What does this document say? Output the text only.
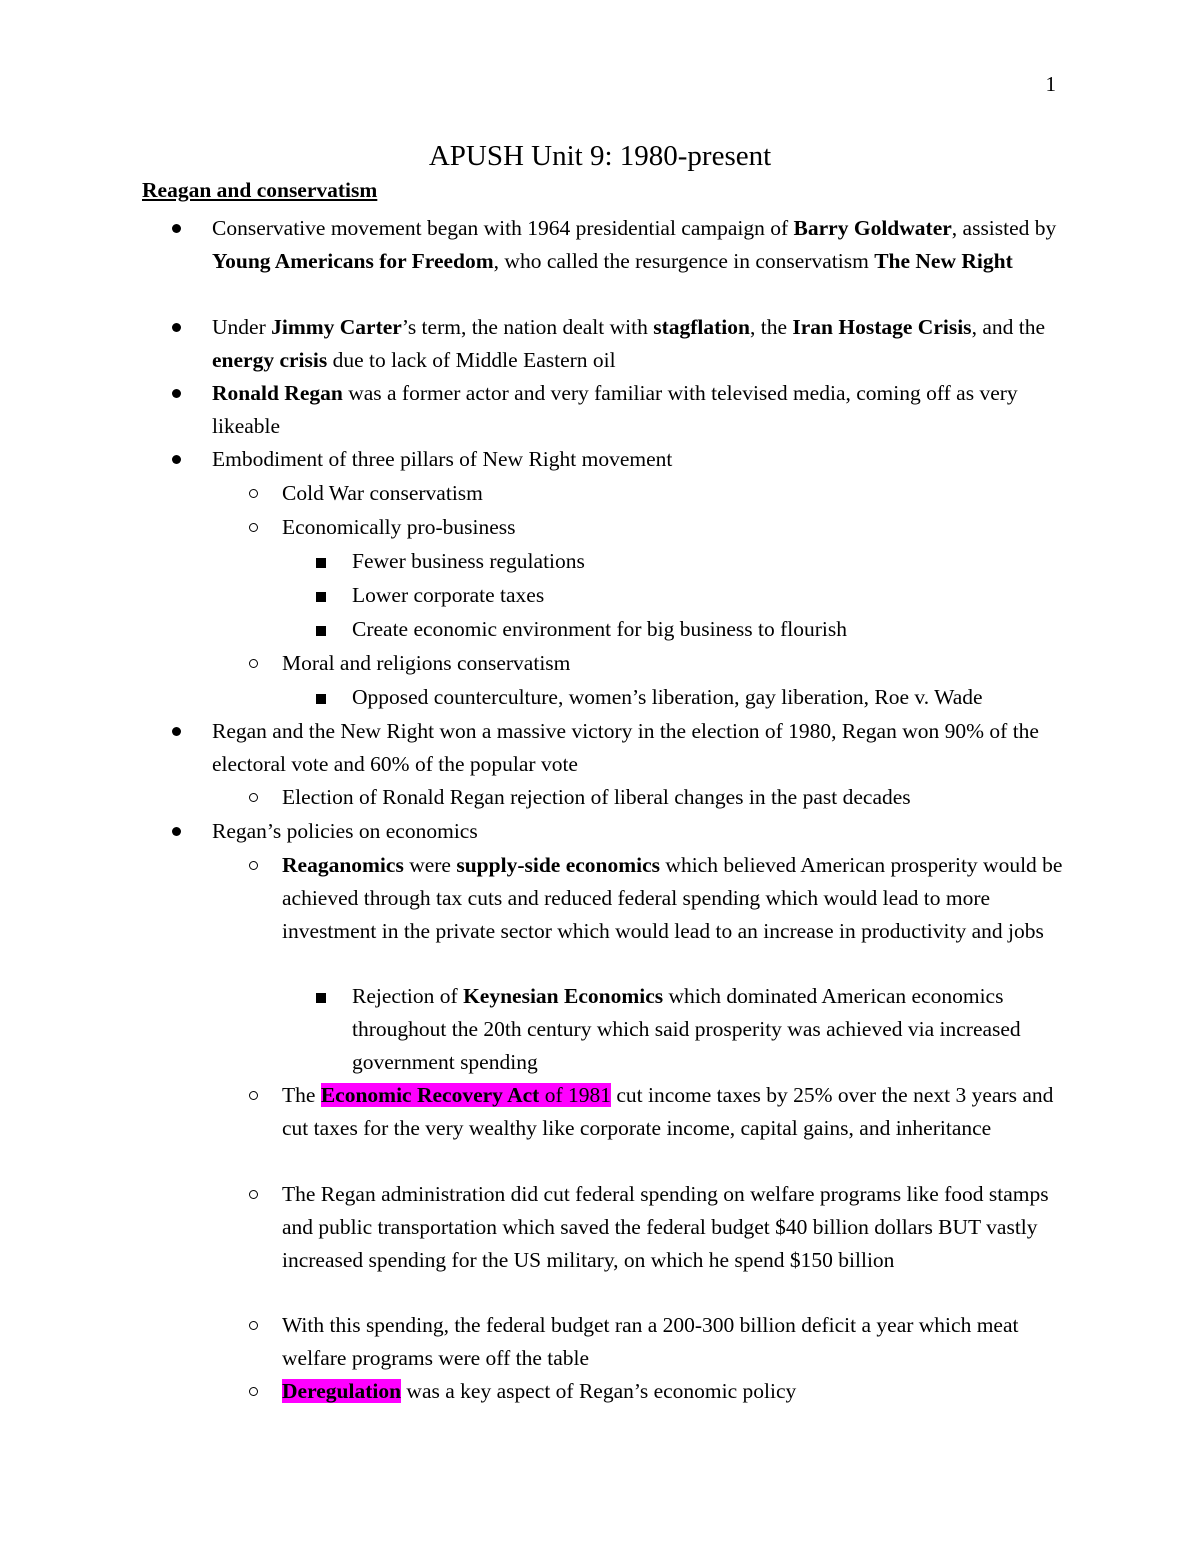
1
APUSH Unit 9: 1980-present
Reagan and conservatism
Conservative movement began with 1964 presidential campaign of Barry Goldwater, assisted by Young Americans for Freedom, who called the resurgence in conservatism The New Right
Under Jimmy Carter’s term, the nation dealt with stagflation, the Iran Hostage Crisis, and the energy crisis due to lack of Middle Eastern oil
Ronald Regan was a former actor and very familiar with televised media, coming off as very likeable
Embodiment of three pillars of New Right movement
Cold War conservatism
Economically pro-business
Fewer business regulations
Lower corporate taxes
Create economic environment for big business to flourish
Moral and religions conservatism
Opposed counterculture, women’s liberation, gay liberation, Roe v. Wade
Regan and the New Right won a massive victory in the election of 1980, Regan won 90% of the electoral vote and 60% of the popular vote
Election of Ronald Regan rejection of liberal changes in the past decades
Regan’s policies on economics
Reaganomics were supply-side economics which believed American prosperity would be achieved through tax cuts and reduced federal spending which would lead to more investment in the private sector which would lead to an increase in productivity and jobs
Rejection of Keynesian Economics which dominated American economics throughout the 20th century which said prosperity was achieved via increased government spending
The Economic Recovery Act of 1981 cut income taxes by 25% over the next 3 years and cut taxes for the very wealthy like corporate income, capital gains, and inheritance
The Regan administration did cut federal spending on welfare programs like food stamps and public transportation which saved the federal budget $40 billion dollars BUT vastly increased spending for the US military, on which he spend $150 billion
With this spending, the federal budget ran a 200-300 billion deficit a year which meat welfare programs were off the table
Deregulation was a key aspect of Regan’s economic policy
